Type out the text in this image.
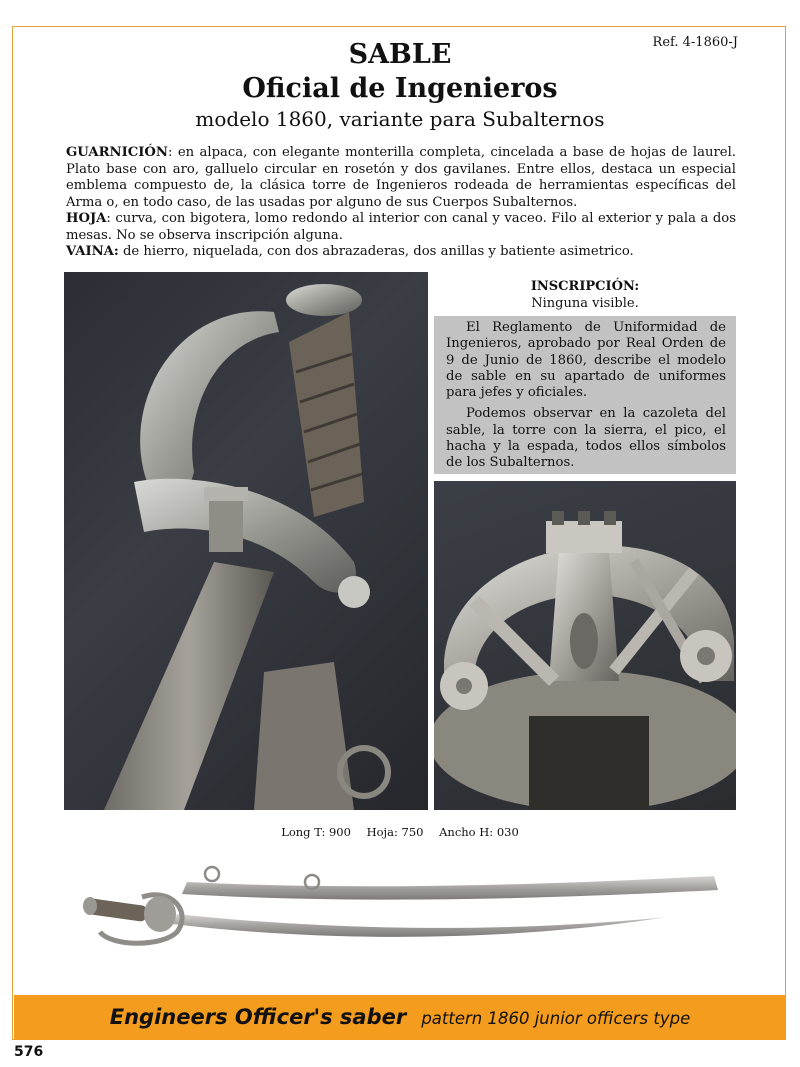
Ref. 4-1860-J
SABLE
Oficial de Ingenieros
modelo 1860, variante para Subalternos

GUARNICIÓN: en alpaca, con elegante monterilla completa, cincelada a base de hojas de laurel. Plato base con aro, galluelo circular en rosetón y dos gavilanes. Entre ellos, destaca un especial emblema compuesto de, la clásica torre de Ingenieros rodeada de herramientas específicas del Arma o, en todo caso, de las usadas por alguno de sus Cuerpos Subalternos.

HOJA: curva, con bigotera, lomo redondo al interior con canal y vaceo. Filo al exterior y pala a dos mesas. No se observa inscripción alguna.

VAINA: de hierro, niquelada, con dos abrazaderas, dos anillas y batiente asimetrico.

INSCRIPCIÓN:
Ninguna visible.

El Reglamento de Uniformidad de Ingenieros, aprobado por Real Orden de 9 de Junio de 1860, describe el modelo de sable en su apartado de uniformes para jefes y oficiales.

Podemos observar en la cazoleta del sable, la torre con la sierra, el pico, el hacha y la espada, todos ellos símbolos de los Subalternos.

Long T: 900 Hoja: 750 Ancho H: 030
Engineers Officer's saber pattern 1860 junior officers type
576
